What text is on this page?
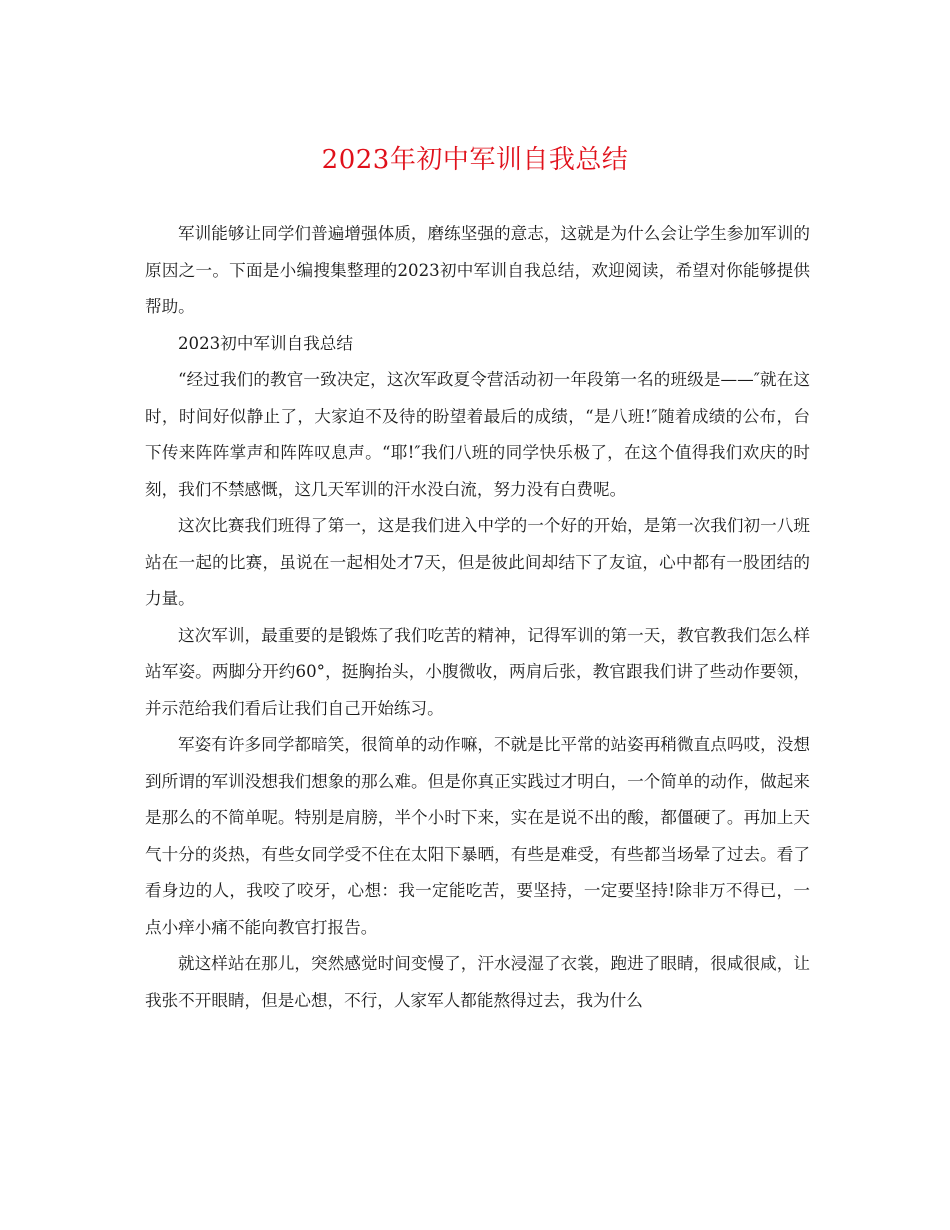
2023年初中军训自我总结

军训能够让同学们普遍增强体质，磨练坚强的意志，这就是为什么会让学生参加军训的原因之一。下面是小编搜集整理的2023初中军训自我总结，欢迎阅读，希望对你能够提供帮助。

2023初中军训自我总结

“经过我们的教官一致决定，这次军政夏令营活动初一年段第一名的班级是——″就在这时，时间好似静止了，大家迫不及待的盼望着最后的成绩，“是八班!″随着成绩的公布，台下传来阵阵掌声和阵阵叹息声。“耶!″我们八班的同学快乐极了，在这个值得我们欢庆的时刻，我们不禁感慨，这几天军训的汗水没白流，努力没有白费呢。

这次比赛我们班得了第一，这是我们进入中学的一个好的开始，是第一次我们初一八班站在一起的比赛，虽说在一起相处才7天，但是彼此间却结下了友谊，心中都有一股团结的力量。

这次军训，最重要的是锻炼了我们吃苦的精神，记得军训的第一天，教官教我们怎么样站军姿。两脚分开约60°，挺胸抬头，小腹微收，两肩后张，教官跟我们讲了些动作要领，并示范给我们看后让我们自己开始练习。

军姿有许多同学都暗笑，很简单的动作嘛，不就是比平常的站姿再稍微直点吗哎，没想到所谓的军训没想我们想象的那么难。但是你真正实践过才明白，一个简单的动作，做起来是那么的不简单呢。特别是肩膀，半个小时下来，实在是说不出的酸，都僵硬了。再加上天气十分的炎热，有些女同学受不住在太阳下暴晒，有些是难受，有些都当场晕了过去。看了看身边的人，我咬了咬牙，心想：我一定能吃苦，要坚持，一定要坚持!除非万不得已，一点小痒小痛不能向教官打报告。

就这样站在那儿，突然感觉时间变慢了，汗水浸湿了衣裳，跑进了眼睛，很咸很咸，让我张不开眼睛，但是心想，不行，人家军人都能熬得过去，我为什么
